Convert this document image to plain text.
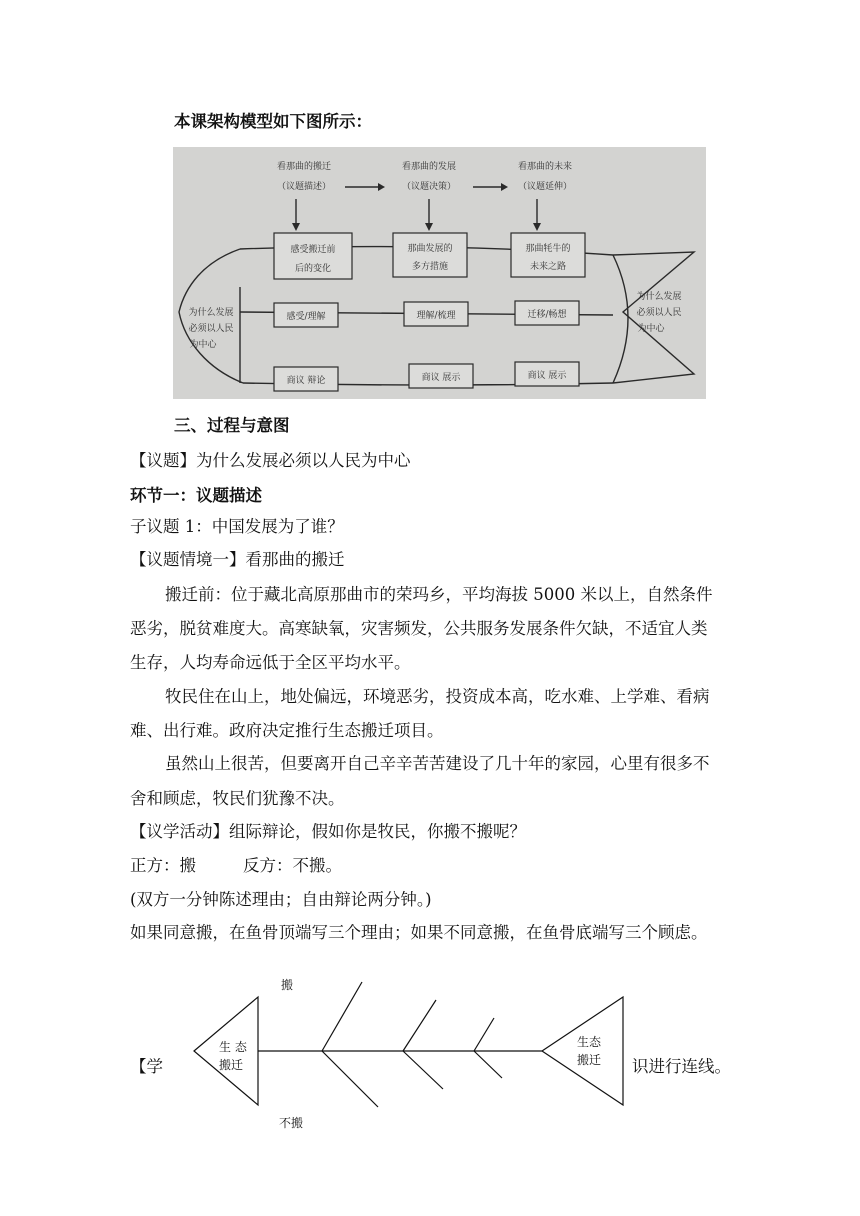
本课架构模型如下图所示：
看那曲的搬迁
（议题描述）
看那曲的发展
（议题决策）
看那曲的未来
（议题延伸）
感受搬迁前
后的变化
那曲发展的
多方措施
那曲牦牛的
未来之路
感受/理解	理解/梳理	迁移/畅想
商议 辩论	商议 展示	商议 展示
为什么发展
必须以人民
为中心
为什么发展
必须以人民
为中心
三、过程与意图
【议题】为什么发展必须以人民为中心
环节一：议题描述
子议题 1：中国发展为了谁？
【议题情境一】看那曲的搬迁
搬迁前：位于藏北高原那曲市的荣玛乡，平均海拔 5000 米以上，自然条件
恶劣，脱贫难度大。高寒缺氧，灾害频发，公共服务发展条件欠缺，不适宜人类
生存，人均寿命远低于全区平均水平。
牧民住在山上，地处偏远，环境恶劣，投资成本高，吃水难、上学难、看病
难、出行难。政府决定推行生态搬迁项目。
虽然山上很苦，但要离开自己辛辛苦苦建设了几十年的家园，心里有很多不
舍和顾虑，牧民们犹豫不决。
【议学活动】组际辩论，假如你是牧民，你搬不搬呢？
正方：搬	反方：不搬。
(双方一分钟陈述理由；自由辩论两分钟。)
如果同意搬，在鱼骨顶端写三个理由；如果不同意搬，在鱼骨底端写三个顾虑。
搬
不搬
生 态
搬迁
生态
搬迁
【学	识进行连线。
